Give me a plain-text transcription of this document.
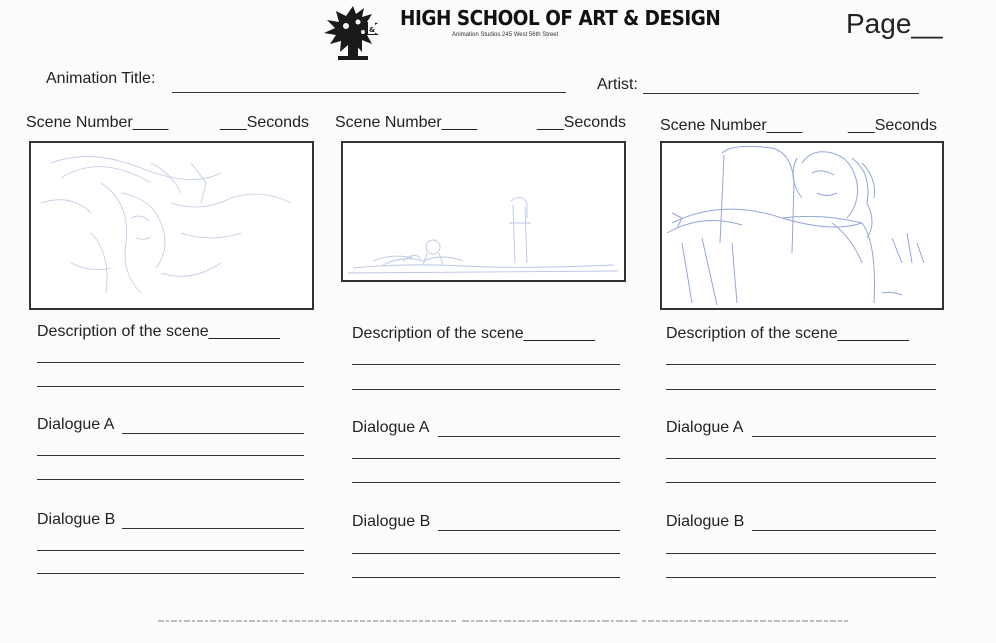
& HIGH SCHOOL OF ART & DESIGN
Animation Studios 245 West 56th Street	Page__
Animation Title:	Artist:
Scene Number____	___Seconds
Description of the scene________
Dialogue A
Dialogue B
Scene Number____	___Seconds
Description of the scene________
Dialogue A
Dialogue B
Scene Number____	___Seconds
Description of the scene________
Dialogue A
Dialogue B
